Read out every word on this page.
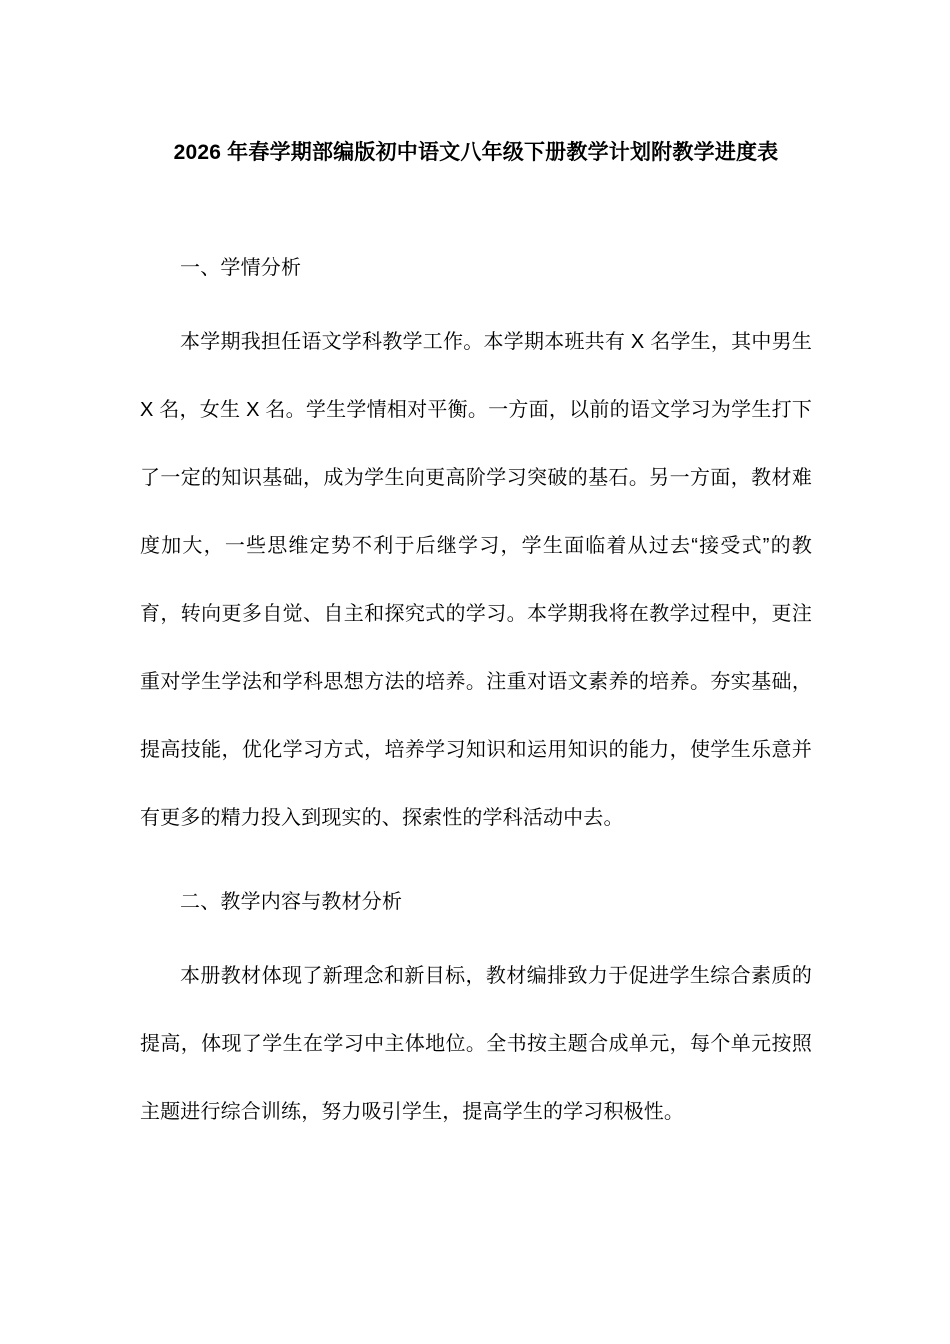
2026 年春学期部编版初中语文八年级下册教学计划附教学进度表
一、学情分析

本学期我担任语文学科教学工作。本学期本班共有 X 名学生，其中男生 X 名，女生 X 名。学生学情相对平衡。一方面，以前的语文学习为学生打下了一定的知识基础，成为学生向更高阶学习突破的基石。另一方面，教材难度加大，一些思维定势不利于后继学习，学生面临着从过去“接受式”的教育，转向更多自觉、自主和探究式的学习。本学期我将在教学过程中，更注重对学生学法和学科思想方法的培养。注重对语文素养的培养。夯实基础，提高技能，优化学习方式，培养学习知识和运用知识的能力，使学生乐意并有更多的精力投入到现实的、探索性的学科活动中去。

二、教学内容与教材分析

本册教材体现了新理念和新目标，教材编排致力于促进学生综合素质的提高，体现了学生在学习中主体地位。全书按主题合成单元，每个单元按照主题进行综合训练，努力吸引学生，提高学生的学习积极性。
